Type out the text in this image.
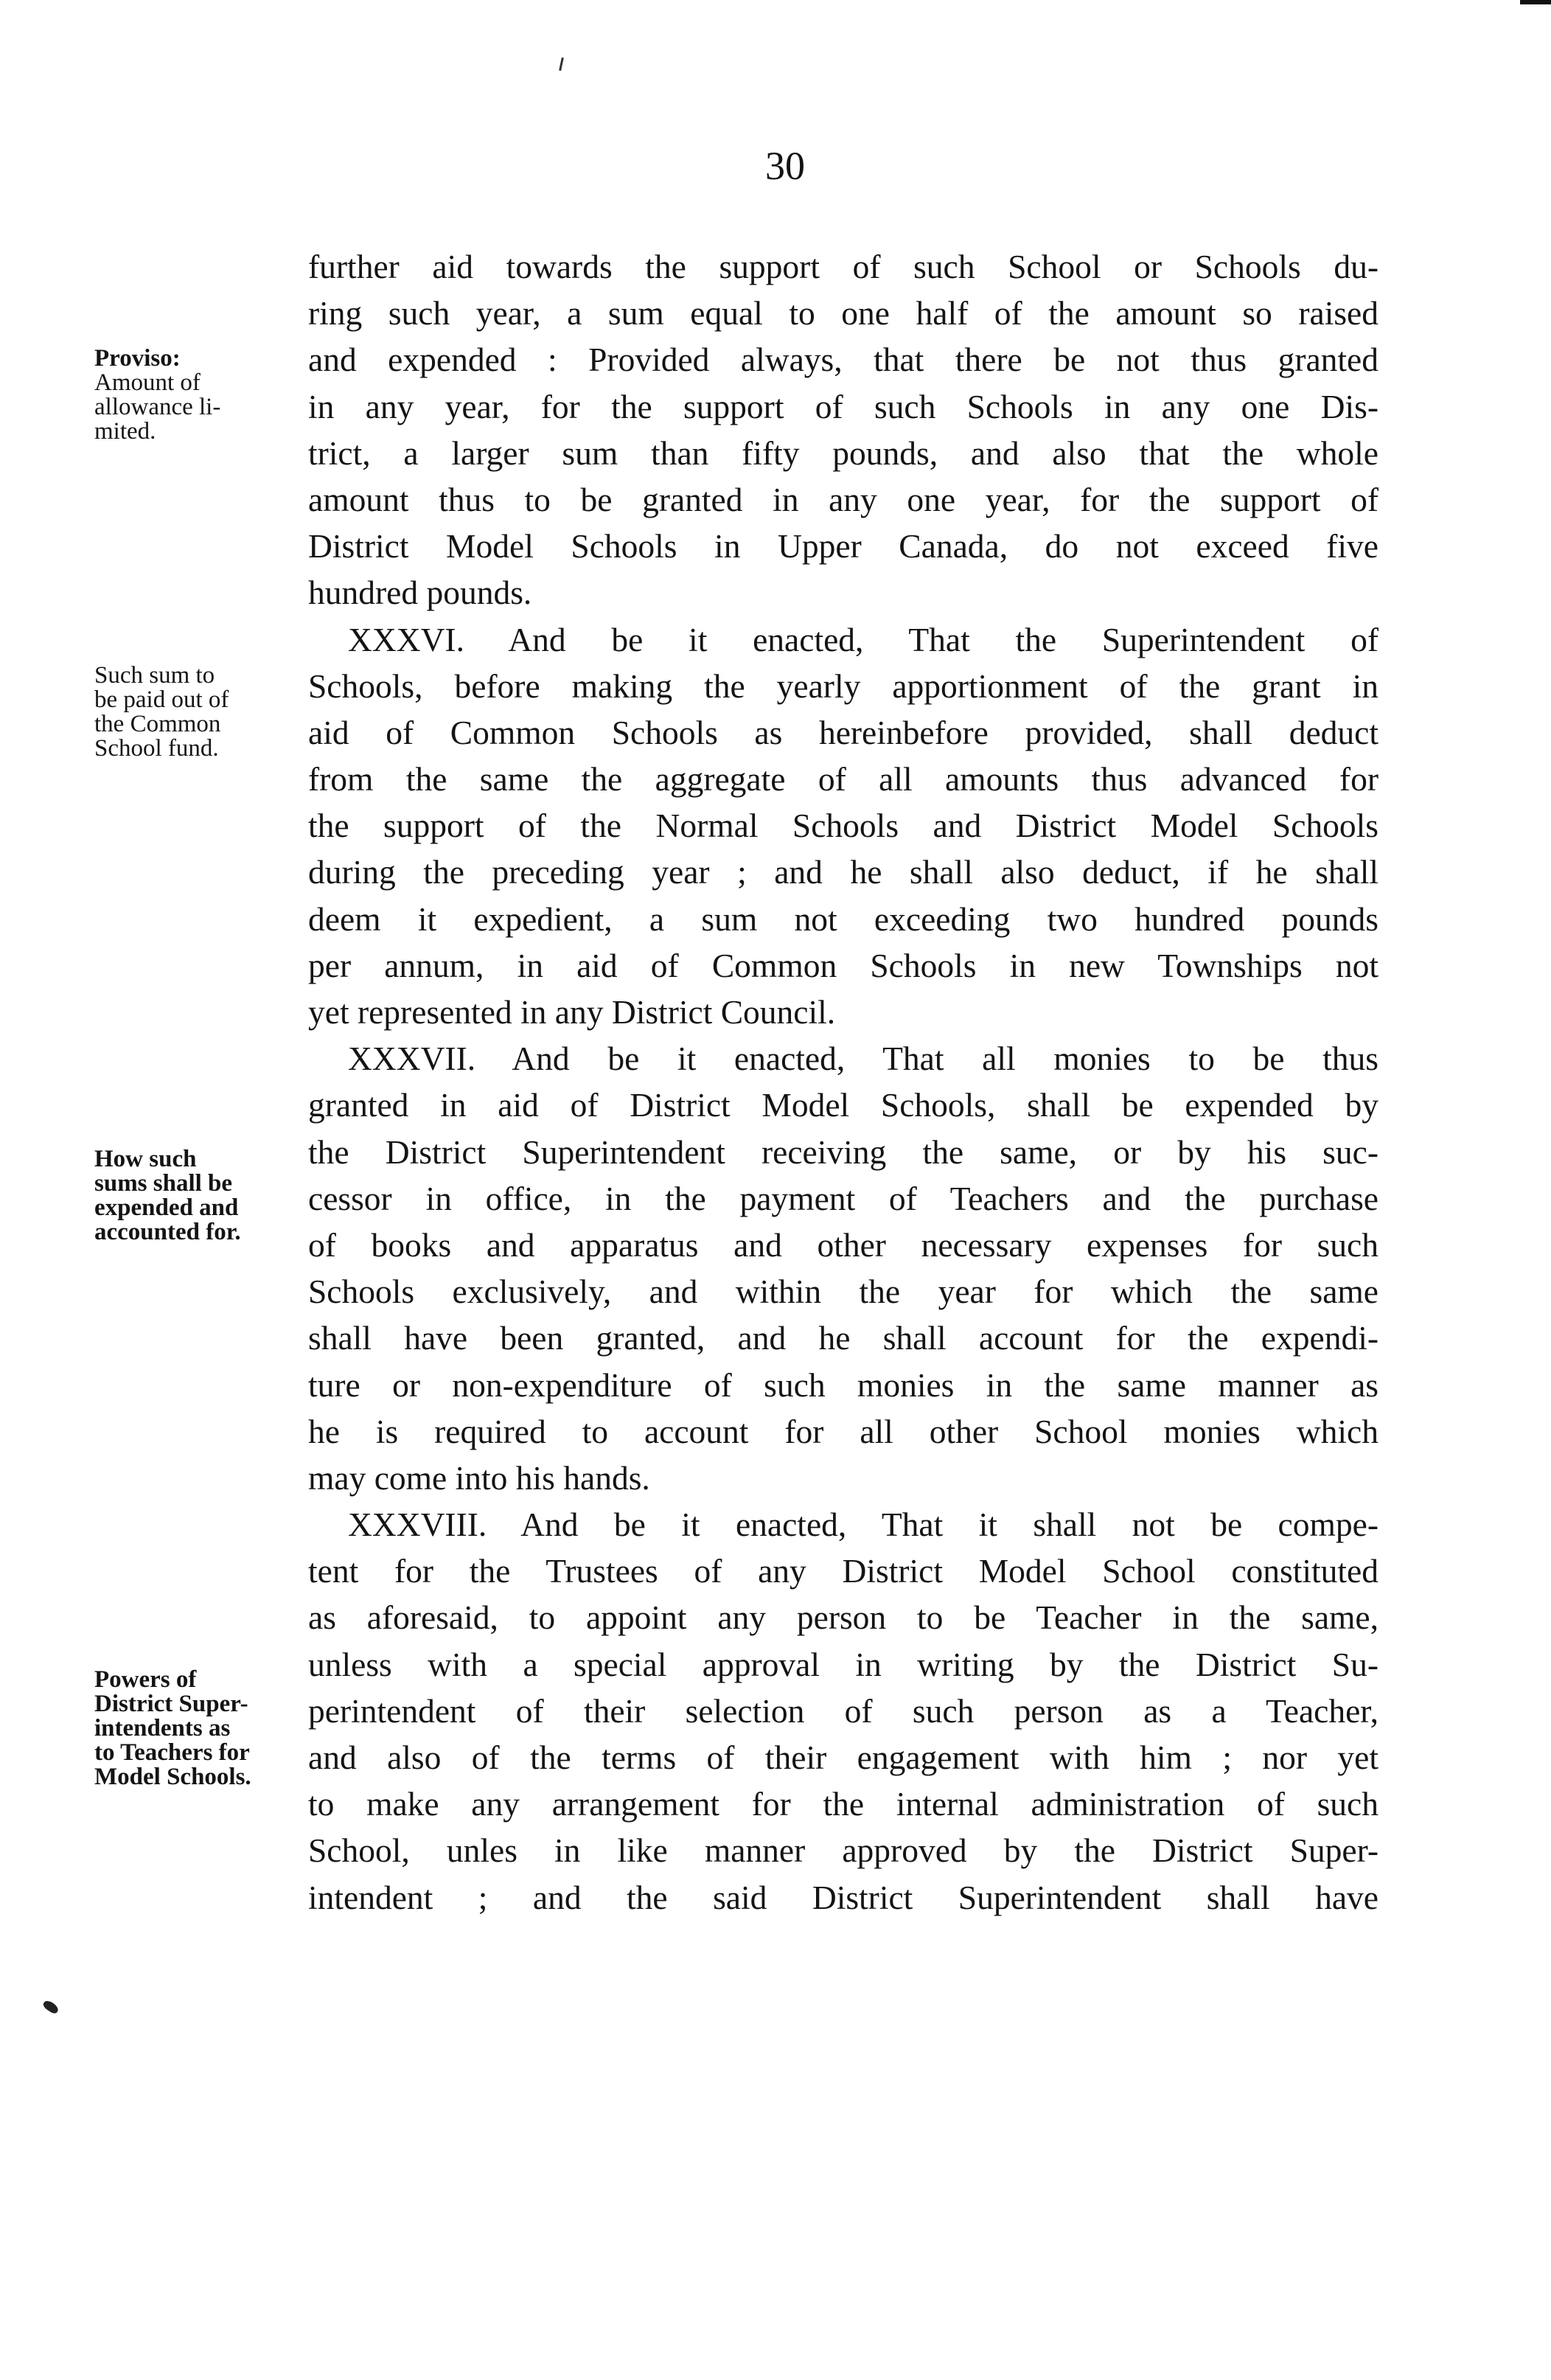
30
Proviso:
Amount of
allowance li-
mited.
Such sum to
be paid out of
the Common
School fund.
How such
sums shall be
expended and
accounted for.
Powers of
District Super-
intendents as
to Teachers for
Model Schools.
further aid towards the support of such School or Schools du-
ring such year, a sum equal to one half of the amount so raised
and expended : Provided always, that there be not thus granted
in any year, for the support of such Schools in any one Dis-
trict, a larger sum than fifty pounds, and also that the whole
amount thus to be granted in any one year, for the support of
District Model Schools in Upper Canada, do not exceed five
hundred pounds.
XXXVI. And be it enacted, That the Superintendent of
Schools, before making the yearly apportionment of the grant in
aid of Common Schools as hereinbefore provided, shall deduct
from the same the aggregate of all amounts thus advanced for
the support of the Normal Schools and District Model Schools
during the preceding year ; and he shall also deduct, if he shall
deem it expedient, a sum not exceeding two hundred pounds
per annum, in aid of Common Schools in new Townships not
yet represented in any District Council.
XXXVII. And be it enacted, That all monies to be thus
granted in aid of District Model Schools, shall be expended by
the District Superintendent receiving the same, or by his suc-
cessor in office, in the payment of Teachers and the purchase
of books and apparatus and other necessary expenses for such
Schools exclusively, and within the year for which the same
shall have been granted, and he shall account for the expendi-
ture or non-expenditure of such monies in the same manner as
he is required to account for all other School monies which
may come into his hands.
XXXVIII. And be it enacted, That it shall not be compe-
tent for the Trustees of any District Model School constituted
as aforesaid, to appoint any person to be Teacher in the same,
unless with a special approval in writing by the District Su-
perintendent of their selection of such person as a Teacher,
and also of the terms of their engagement with him ; nor yet
to make any arrangement for the internal administration of such
School, unles in like manner approved by the District Super-
intendent ; and the said District Superintendent shall have
